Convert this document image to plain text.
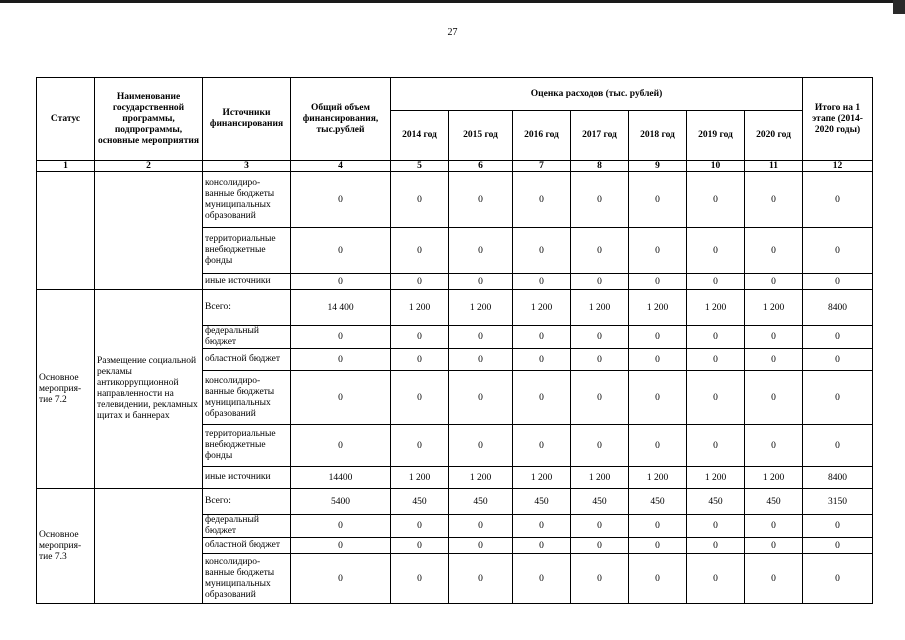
27
Статус	Наименование государственной программы, подпрограммы, основные мероприятия	Источники финансирования	Общий объем финансирования, тыс.рублей	Оценка расходов (тыс. рублей)							Итого на 1 этапе (2014-2020 годы)
				2014 год	2015 год	2016 год	2017 год	2018 год	2019 год	2020 год	
1	2	3	4	5	6	7	8	9	10	11	12
		консолидиро-ванные бюджеты муниципальных образований	0	0	0	0	0	0	0	0	0
		территориальные внебюджетные фонды	0	0	0	0	0	0	0	0	0
		иные источники	0	0	0	0	0	0	0	0	0
Основное мероприя-тие 7.2	Размещение социальной рекламы антикоррупционной направленности на телевидении, рекламных щитах и баннерах	Всего:	14 400	1 200	1 200	1 200	1 200	1 200	1 200	1 200	8400
		федеральный бюджет	0	0	0	0	0	0	0	0	0
		областной бюджет	0	0	0	0	0	0	0	0	0
		консолидиро-ванные бюджеты муниципальных образований	0	0	0	0	0	0	0	0	0
		территориальные внебюджетные фонды	0	0	0	0	0	0	0	0	0
		иные источники	14400	1 200	1 200	1 200	1 200	1 200	1 200	1 200	8400
Основное мероприя-тие 7.3		Всего:	5400	450	450	450	450	450	450	450	3150
		федеральный бюджет	0	0	0	0	0	0	0	0	0
		областной бюджет	0	0	0	0	0	0	0	0	0
		консолидиро-ванные бюджеты муниципальных образований	0	0	0	0	0	0	0	0	0
